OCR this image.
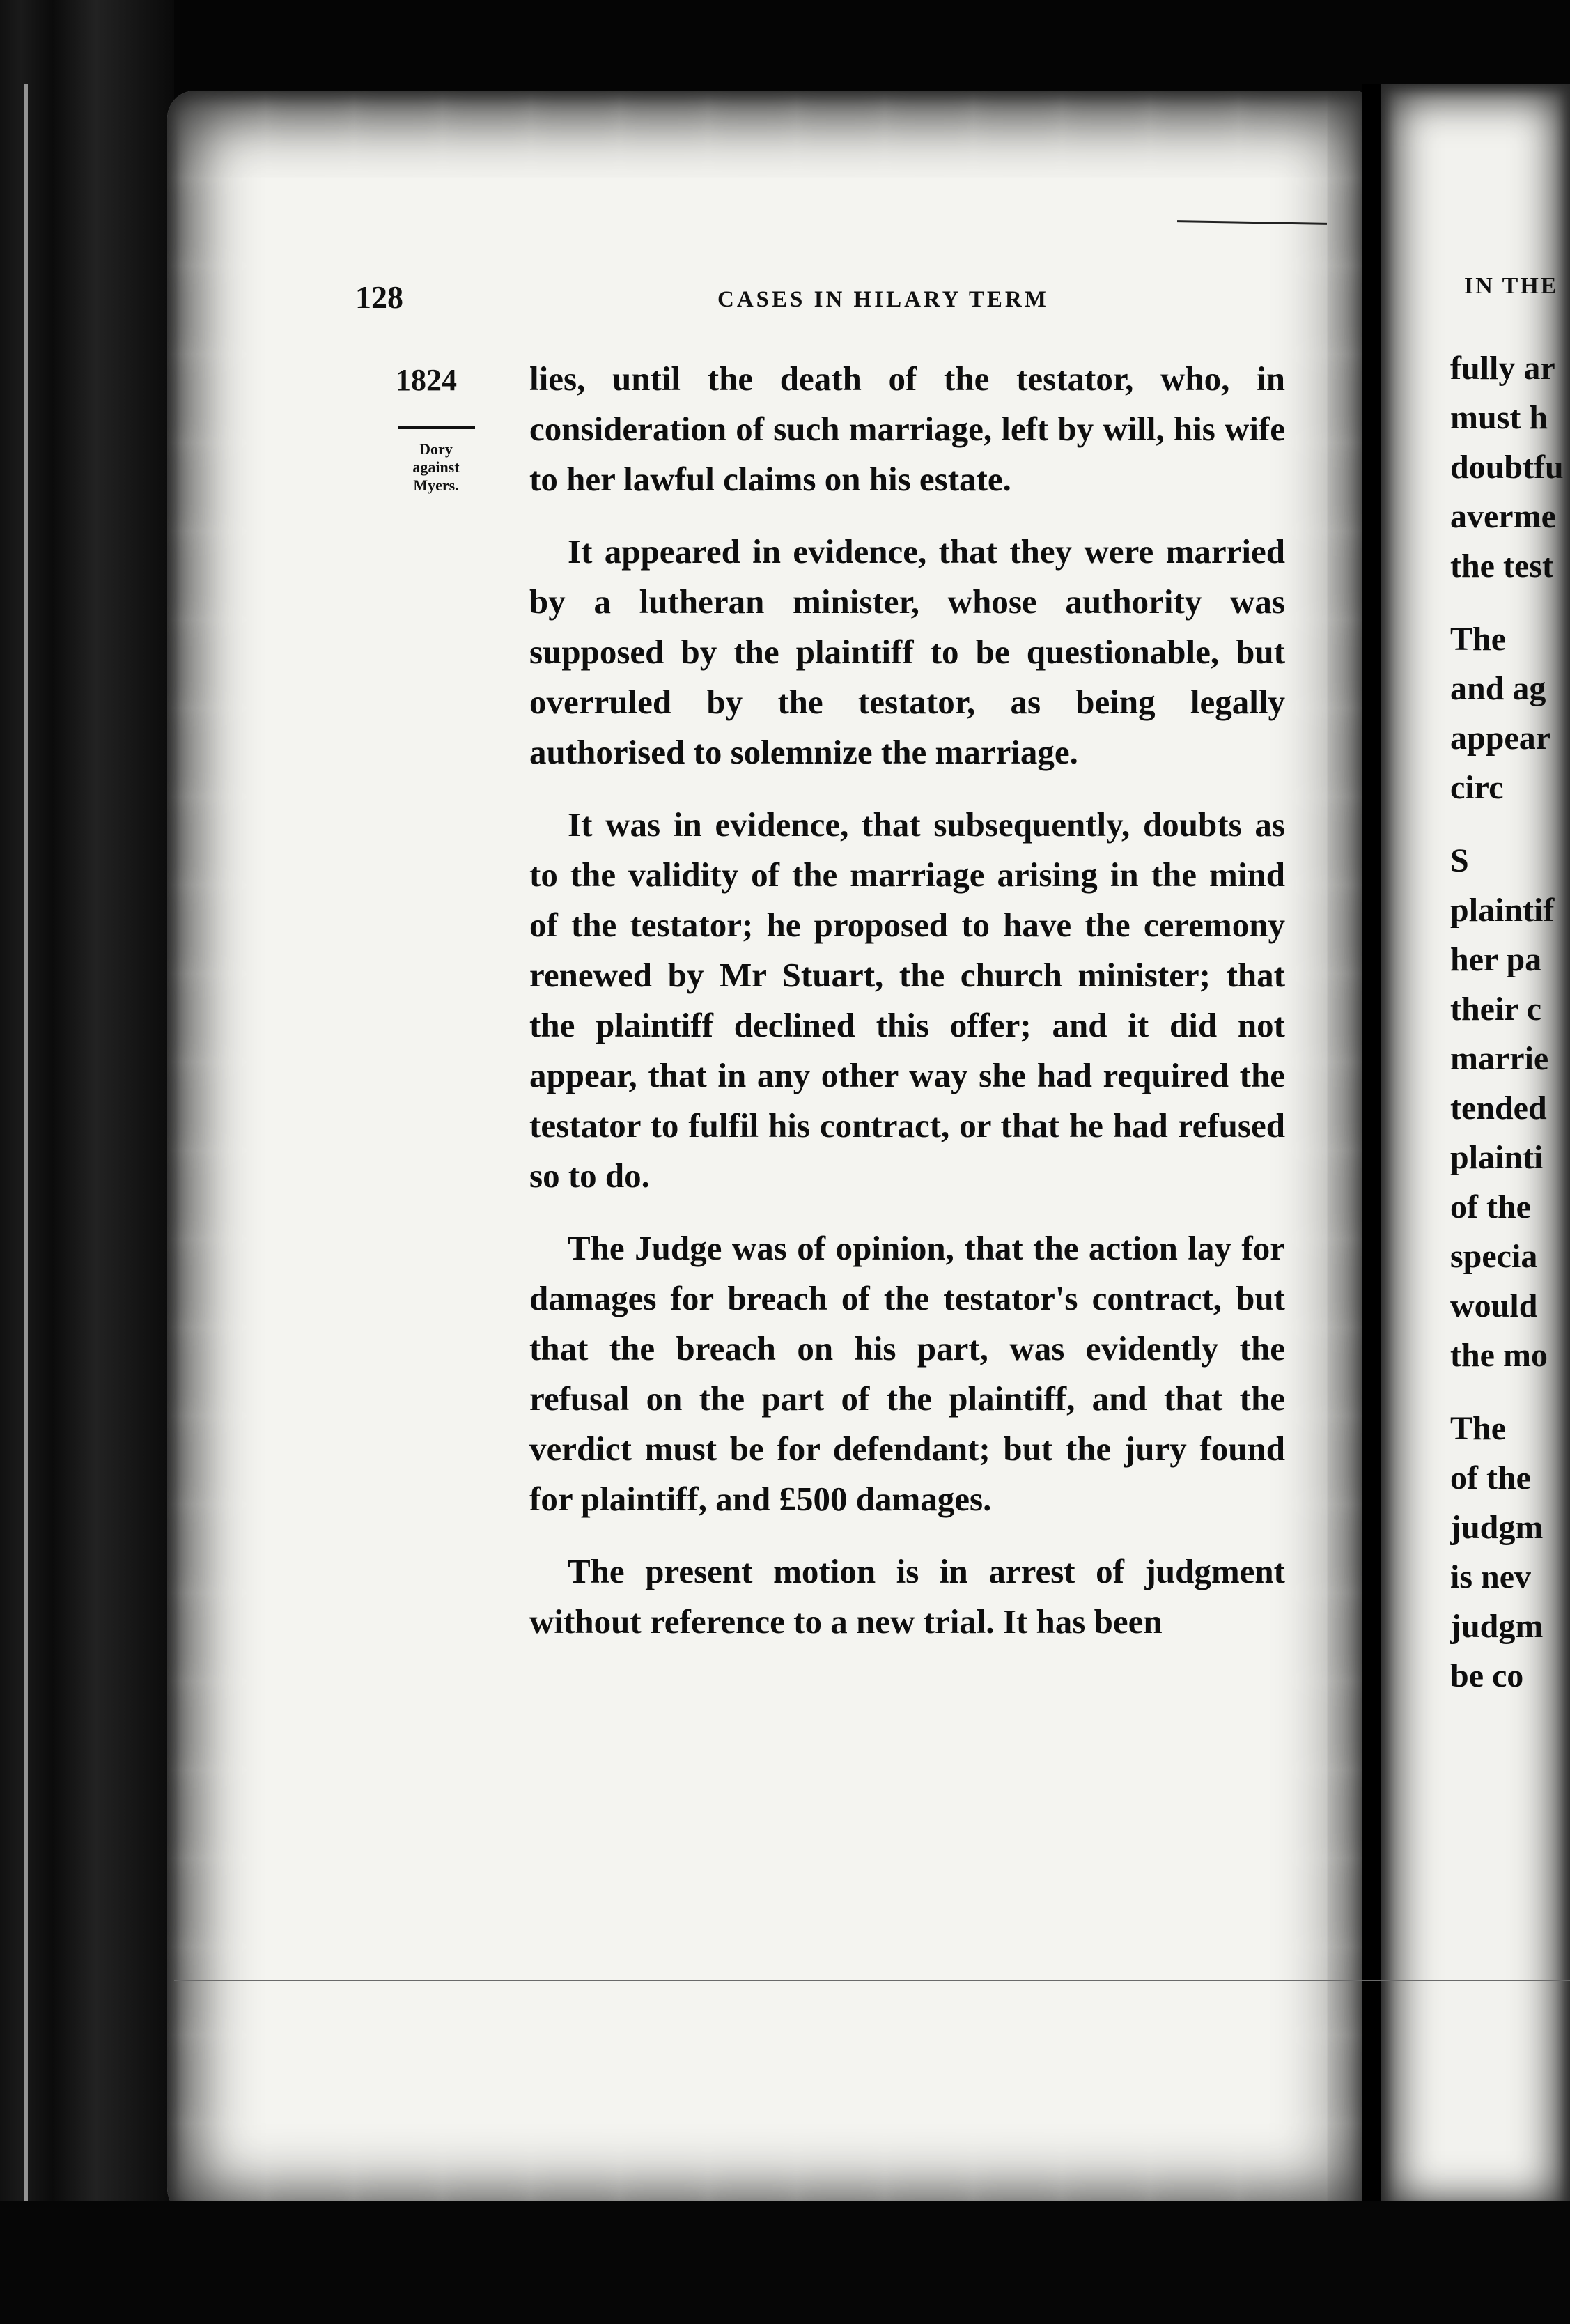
128	CASES IN HILARY TERM
1824
Dory against Myers.

lies, until the death of the testator, who, in consideration of such marriage, left by will, his wife to her lawful claims on his estate.

It appeared in evidence, that they were married by a lutheran minister, whose authority was supposed by the plaintiff to be questionable, but overruled by the testator, as being legally authorised to solemnize the marriage.

It was in evidence, that subsequently, doubts as to the validity of the marriage arising in the mind of the testator; he proposed to have the ceremony renewed by Mr Stuart, the church minister; that the plaintiff declined this offer; and it did not appear, that in any other way she had required the testator to fulfil his contract, or that he had refused so to do.

The Judge was of opinion, that the action lay for damages for breach of the testator's contract, but that the breach on his part, was evidently the refusal on the part of the plaintiff, and that the verdict must be for defendant; but the jury found for plaintiff, and £500 damages.

The present motion is in arrest of judgment without reference to a new trial. It has been

IN THE
fully ar
must h
doubtfu
averme
the test
The
and ag
appear
circ
S
plaintif
her pa
their c
marrie
tended
plainti
of the
specia
would
the mo
The
of the
judgm
is nev
judgm
be co
